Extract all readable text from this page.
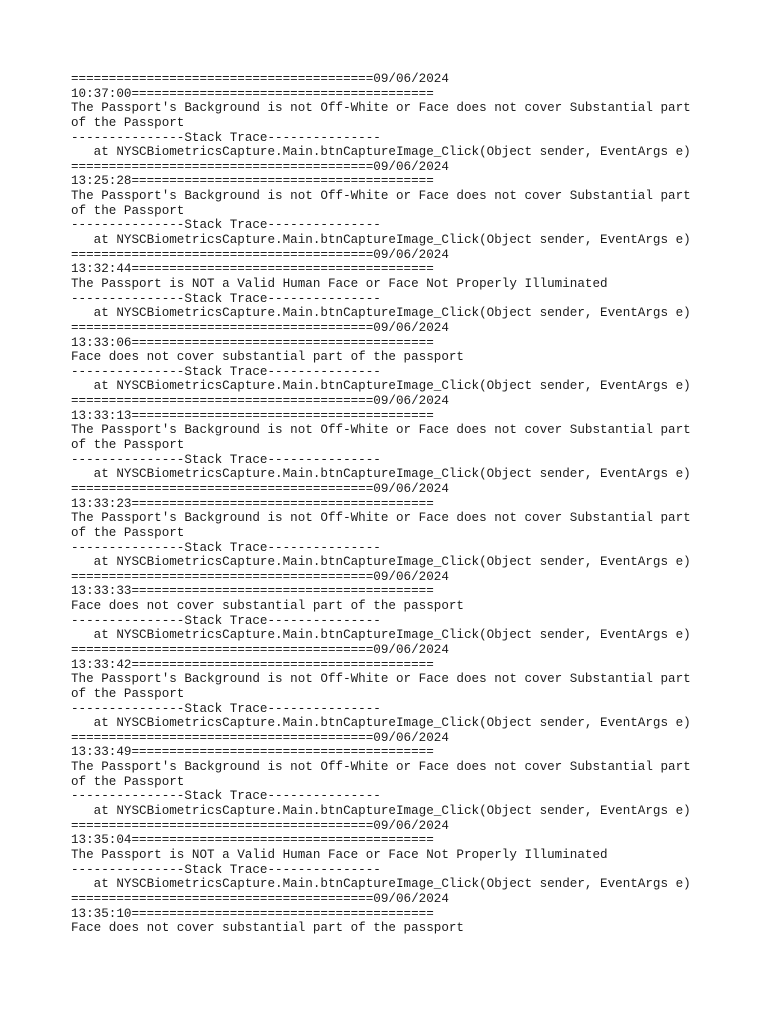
========================================09/06/2024
10:37:00========================================
The Passport's Background is not Off-White or Face does not cover Substantial part
of the Passport
---------------Stack Trace---------------
at NYSCBiometricsCapture.Main.btnCaptureImage_Click(Object sender, EventArgs e)
========================================09/06/2024
13:25:28========================================
The Passport's Background is not Off-White or Face does not cover Substantial part
of the Passport
---------------Stack Trace---------------
at NYSCBiometricsCapture.Main.btnCaptureImage_Click(Object sender, EventArgs e)
========================================09/06/2024
13:32:44========================================
The Passport is NOT a Valid Human Face or Face Not Properly Illuminated
---------------Stack Trace---------------
at NYSCBiometricsCapture.Main.btnCaptureImage_Click(Object sender, EventArgs e)
========================================09/06/2024
13:33:06========================================
Face does not cover substantial part of the passport
---------------Stack Trace---------------
at NYSCBiometricsCapture.Main.btnCaptureImage_Click(Object sender, EventArgs e)
========================================09/06/2024
13:33:13========================================
The Passport's Background is not Off-White or Face does not cover Substantial part
of the Passport
---------------Stack Trace---------------
at NYSCBiometricsCapture.Main.btnCaptureImage_Click(Object sender, EventArgs e)
========================================09/06/2024
13:33:23========================================
The Passport's Background is not Off-White or Face does not cover Substantial part
of the Passport
---------------Stack Trace---------------
at NYSCBiometricsCapture.Main.btnCaptureImage_Click(Object sender, EventArgs e)
========================================09/06/2024
13:33:33========================================
Face does not cover substantial part of the passport
---------------Stack Trace---------------
at NYSCBiometricsCapture.Main.btnCaptureImage_Click(Object sender, EventArgs e)
========================================09/06/2024
13:33:42========================================
The Passport's Background is not Off-White or Face does not cover Substantial part
of the Passport
---------------Stack Trace---------------
at NYSCBiometricsCapture.Main.btnCaptureImage_Click(Object sender, EventArgs e)
========================================09/06/2024
13:33:49========================================
The Passport's Background is not Off-White or Face does not cover Substantial part
of the Passport
---------------Stack Trace---------------
at NYSCBiometricsCapture.Main.btnCaptureImage_Click(Object sender, EventArgs e)
========================================09/06/2024
13:35:04========================================
The Passport is NOT a Valid Human Face or Face Not Properly Illuminated
---------------Stack Trace---------------
at NYSCBiometricsCapture.Main.btnCaptureImage_Click(Object sender, EventArgs e)
========================================09/06/2024
13:35:10========================================
Face does not cover substantial part of the passport
